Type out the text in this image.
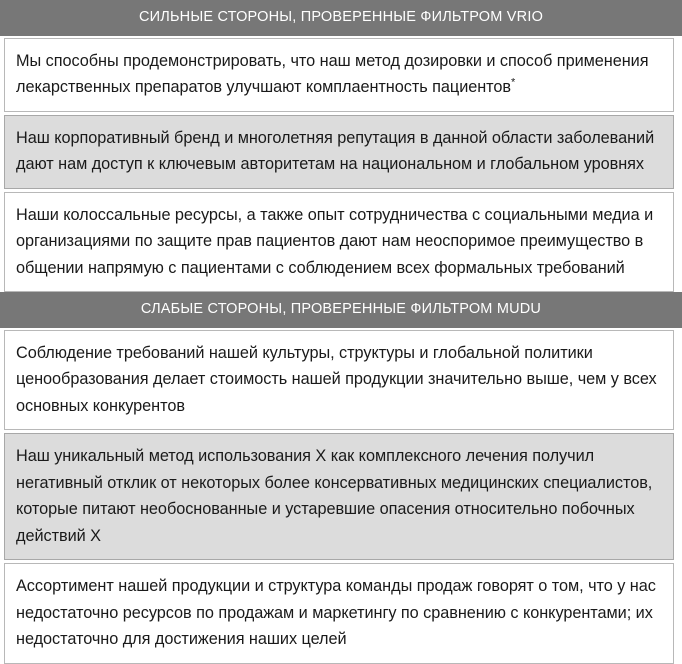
СИЛЬНЫЕ СТОРОНЫ, ПРОВЕРЕННЫЕ ФИЛЬТРОМ VRIO
Мы способны продемонстрировать, что наш метод дозировки и способ применения лекарственных препаратов улучшают комплаентность пациентов*
Наш корпоративный бренд и многолетняя репутация в данной области заболеваний дают нам доступ к ключевым авторитетам на национальном и глобальном уровнях
Наши колоссальные ресурсы, а также опыт сотрудничества с социальными медиа и организациями по защите прав пациентов дают нам неоспоримое преимущество в общении напрямую с пациентами с соблюдением всех формальных требований
СЛАБЫЕ СТОРОНЫ, ПРОВЕРЕННЫЕ ФИЛЬТРОМ MUDU
Соблюдение требований нашей культуры, структуры и глобальной политики ценообразования делает стоимость нашей продукции значительно выше, чем у всех основных конкурентов
Наш уникальный метод использования X как комплексного лечения получил негативный отклик от некоторых более консервативных медицинских специалистов, которые питают необоснованные и устаревшие опасения относительно побочных действий X
Ассортимент нашей продукции и структура команды продаж говорят о том, что у нас недостаточно ресурсов по продажам и маркетингу по сравнению с конкурентами; их недостаточно для достижения наших целей
